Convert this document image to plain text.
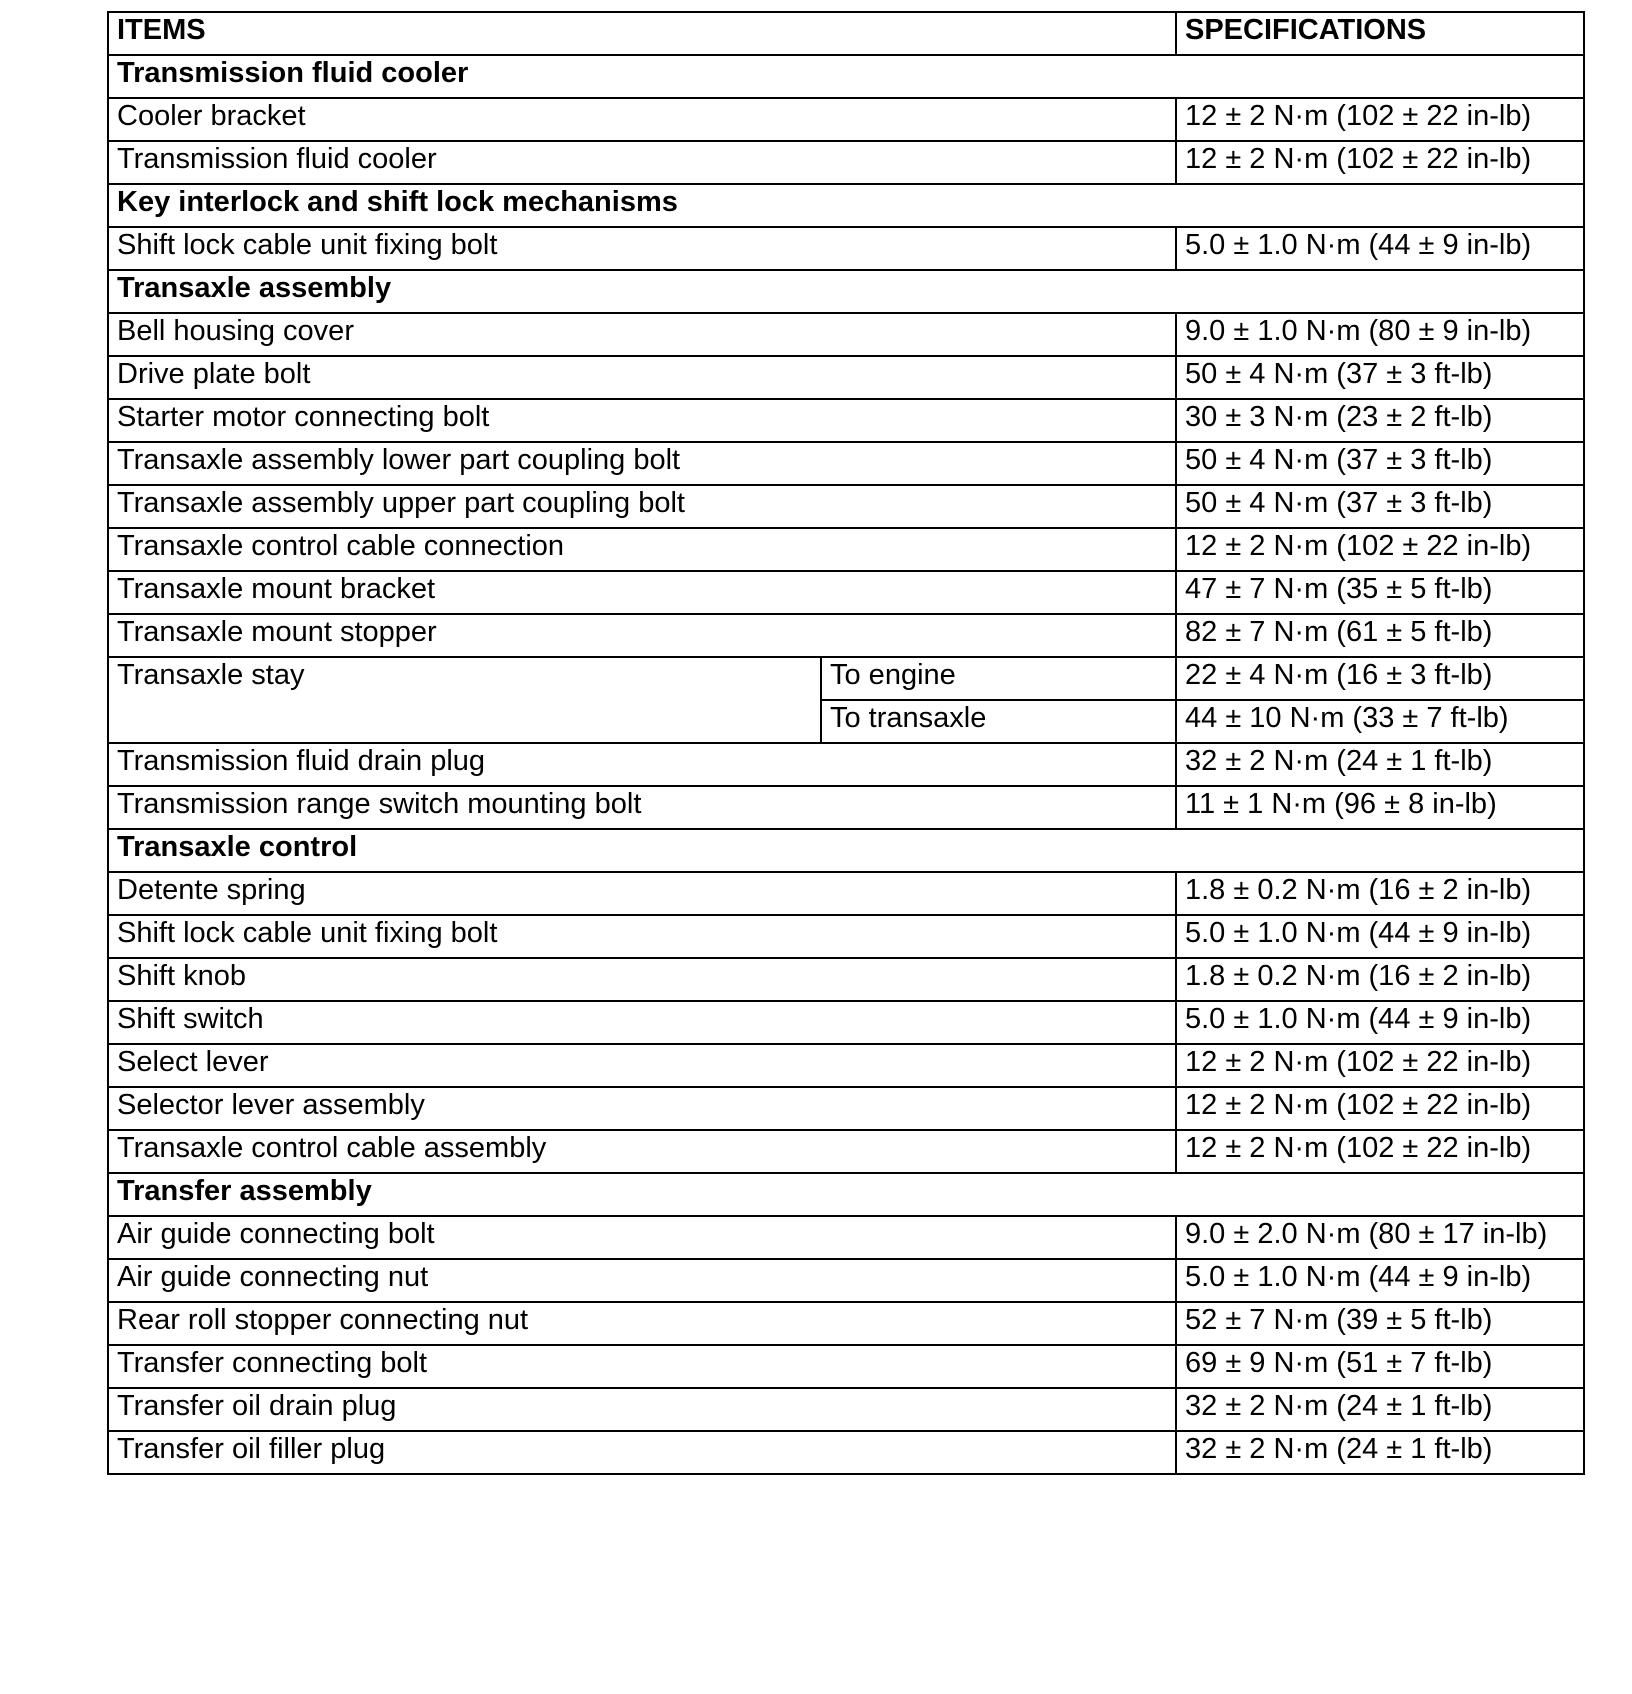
ITEMS		SPECIFICATIONS
Transmission fluid cooler		
Cooler bracket		12 ± 2 N·m (102 ± 22 in-lb)
Transmission fluid cooler		12 ± 2 N·m (102 ± 22 in-lb)
Key interlock and shift lock mechanisms		
Shift lock cable unit fixing bolt		5.0 ± 1.0 N·m (44 ± 9 in-lb)
Transaxle assembly		
Bell housing cover		9.0 ± 1.0 N·m (80 ± 9 in-lb)
Drive plate bolt		50 ± 4 N·m (37 ± 3 ft-lb)
Starter motor connecting bolt		30 ± 3 N·m (23 ± 2 ft-lb)
Transaxle assembly lower part coupling bolt		50 ± 4 N·m (37 ± 3 ft-lb)
Transaxle assembly upper part coupling bolt		50 ± 4 N·m (37 ± 3 ft-lb)
Transaxle control cable connection		12 ± 2 N·m (102 ± 22 in-lb)
Transaxle mount bracket		47 ± 7 N·m (35 ± 5 ft-lb)
Transaxle mount stopper		82 ± 7 N·m (61 ± 5 ft-lb)
Transaxle stay	To engine	22 ± 4 N·m (16 ± 3 ft-lb)
	To transaxle	44 ± 10 N·m (33 ± 7 ft-lb)
Transmission fluid drain plug		32 ± 2 N·m (24 ± 1 ft-lb)
Transmission range switch mounting bolt		11 ± 1 N·m (96 ± 8 in-lb)
Transaxle control		
Detente spring		1.8 ± 0.2 N·m (16 ± 2 in-lb)
Shift lock cable unit fixing bolt		5.0 ± 1.0 N·m (44 ± 9 in-lb)
Shift knob		1.8 ± 0.2 N·m (16 ± 2 in-lb)
Shift switch		5.0 ± 1.0 N·m (44 ± 9 in-lb)
Select lever		12 ± 2 N·m (102 ± 22 in-lb)
Selector lever assembly		12 ± 2 N·m (102 ± 22 in-lb)
Transaxle control cable assembly		12 ± 2 N·m (102 ± 22 in-lb)
Transfer assembly		
Air guide connecting bolt		9.0 ± 2.0 N·m (80 ± 17 in-lb)
Air guide connecting nut		5.0 ± 1.0 N·m (44 ± 9 in-lb)
Rear roll stopper connecting nut		52 ± 7 N·m (39 ± 5 ft-lb)
Transfer connecting bolt		69 ± 9 N·m (51 ± 7 ft-lb)
Transfer oil drain plug		32 ± 2 N·m (24 ± 1 ft-lb)
Transfer oil filler plug		32 ± 2 N·m (24 ± 1 ft-lb)
